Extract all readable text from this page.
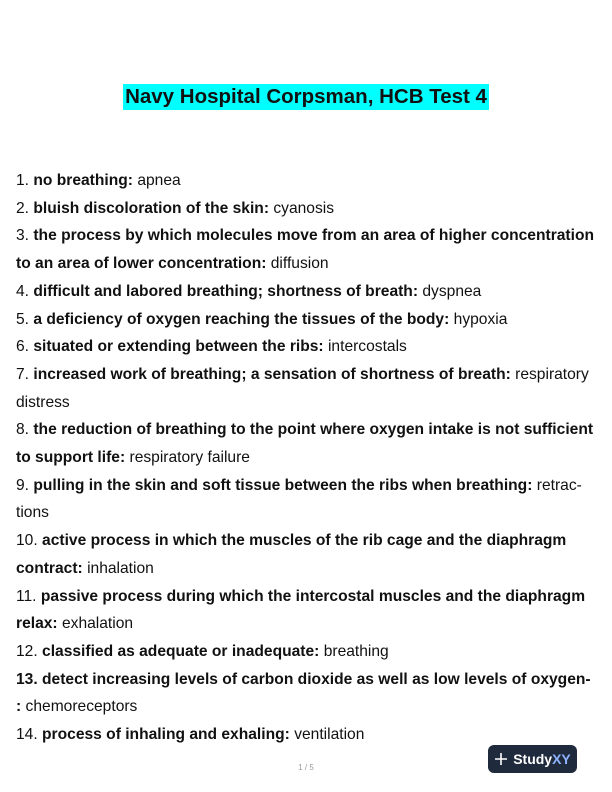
Navy Hospital Corpsman, HCB Test 4

1. no breathing: apnea

2. bluish discoloration of the skin: cyanosis

3. the process by which molecules move from an area of higher concentration to an area of lower concentration: diffusion

4. difficult and labored breathing; shortness of breath: dyspnea

5. a deficiency of oxygen reaching the tissues of the body: hypoxia

6. situated or extending between the ribs: intercostals

7. increased work of breathing; a sensation of shortness of breath: respiratory distress

8. the reduction of breathing to the point where oxygen intake is not sufficient to support life: respiratory failure

9. pulling in the skin and soft tissue between the ribs when breathing: retrac- tions

10. active process in which the muscles of the rib cage and the diaphragm contract: inhalation

11. passive process during which the intercostal muscles and the diaphragm relax: exhalation

12. classified as adequate or inadequate: breathing

13. detect increasing levels of carbon dioxide as well as low levels of oxygen- : chemoreceptors

14. process of inhaling and exhaling: ventilation

1 / 5
Study XY
